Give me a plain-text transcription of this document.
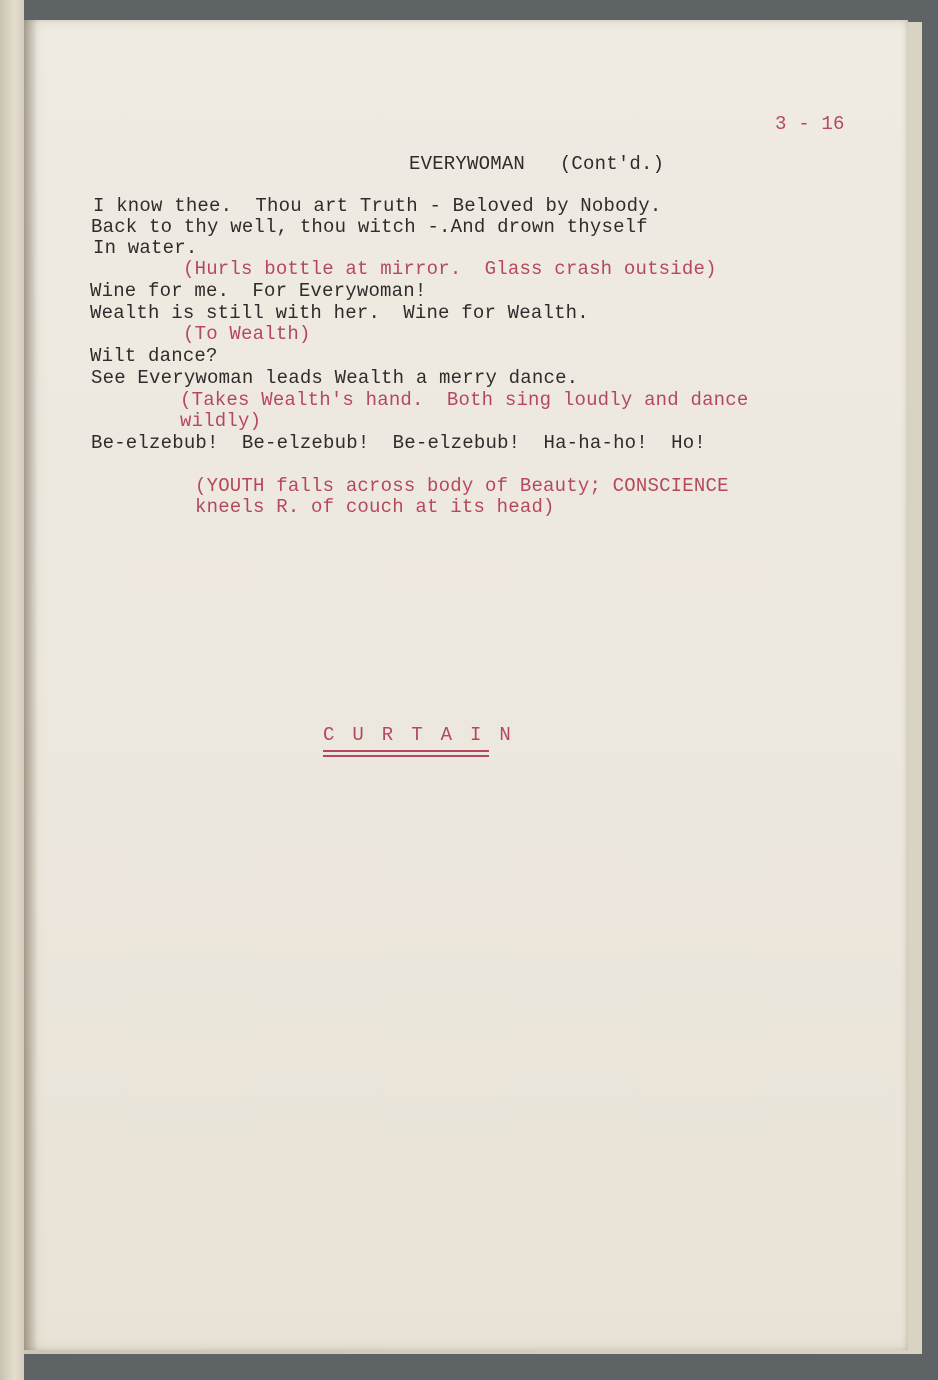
3 - 16
EVERYWOMAN   (Cont'd.)
I know thee.  Thou art Truth - Beloved by Nobody.
Back to thy well, thou witch -.And drown thyself
In water.
(Hurls bottle at mirror.  Glass crash outside)
Wine for me.  For Everywoman!
Wealth is still with her.  Wine for Wealth.
(To Wealth)
Wilt dance?
See Everywoman leads Wealth a merry dance.
(Takes Wealth's hand.  Both sing loudly and dance
wildly)
Be-elzebub!  Be-elzebub!  Be-elzebub!  Ha-ha-ho!  Ho!
(YOUTH falls across body of Beauty; CONSCIENCE
kneels R. of couch at its head)
C U R T A I N
